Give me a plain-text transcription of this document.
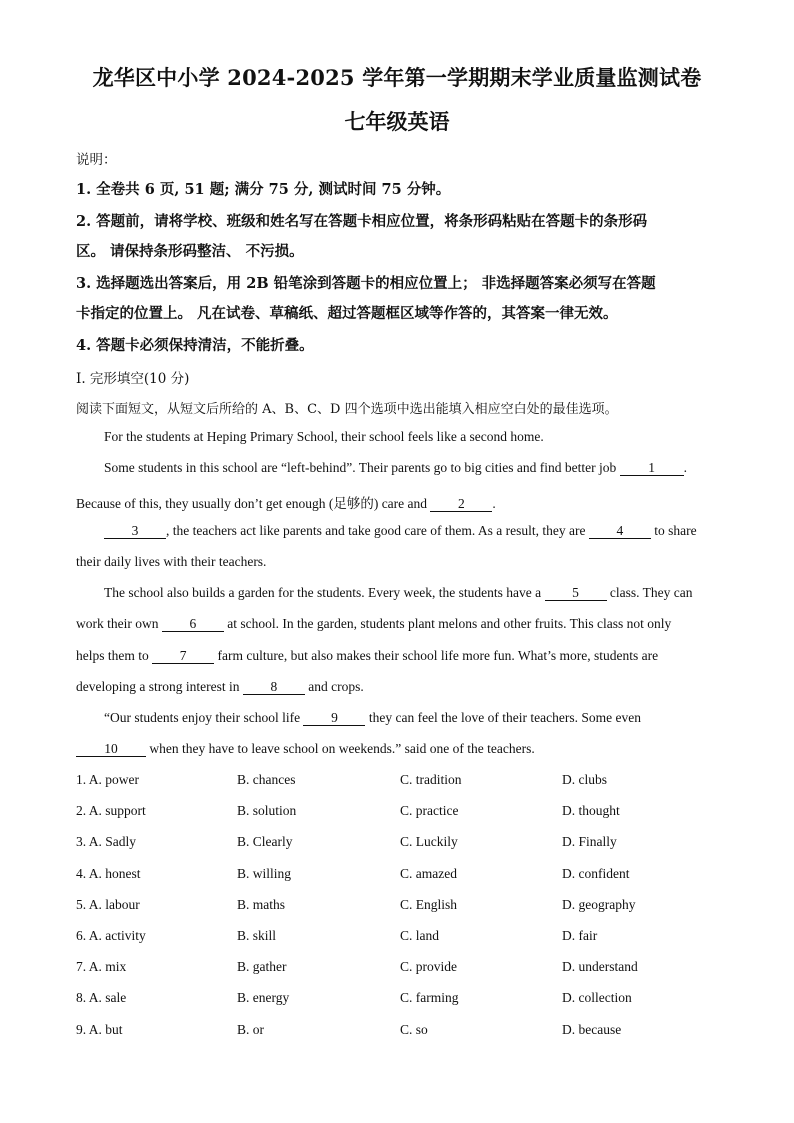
龙华区中小学 2024-2025 学年第一学期期末学业质量监测试卷
七年级英语
说明：
1. 全卷共 6 页, 51 题; 满分 75 分, 测试时间 75 分钟。
2. 答题前，请将学校、班级和姓名写在答题卡相应位置，将条形码粘贴在答题卡的条形码
区。 请保持条形码整洁、 不污损。
3. 选择题选出答案后，用 2B 铅笔涂到答题卡的相应位置上； 非选择题答案必须写在答题
卡指定的位置上。 凡在试卷、草稿纸、超过答题框区域等作答的，其答案一律无效。
4. 答题卡必须保持清洁，不能折叠。
I. 完形填空(10 分)
阅读下面短文，从短文后所给的 A、B、C、D 四个选项中选出能填入相应空白处的最佳选项。
For the students at Heping Primary School, their school feels like a second home.
Some students in this school are “left-behind”. Their parents go to big cities and find better job 1 .
Because of this, they usually don’t get enough (足够的) care and 2 .
3 , the teachers act like parents and take good care of them. As a result, they are 4 to share
their daily lives with their teachers.
The school also builds a garden for the students. Every week, the students have a 5 class. They can
work their own 6 at school. In the garden, students plant melons and other fruits. This class not only
helps them to 7 farm culture, but also makes their school life more fun. What’s more, students are
developing a strong interest in 8 and crops.
“Our students enjoy their school life 9 they can feel the love of their teachers. Some even
10 when they have to leave school on weekends.” said one of the teachers.
1. A. power	B. chances	C. tradition	D. clubs
2. A. support	B. solution	C. practice	D. thought
3. A. Sadly	B. Clearly	C. Luckily	D. Finally
4. A. honest	B. willing	C. amazed	D. confident
5. A. labour	B. maths	C. English	D. geography
6. A. activity	B. skill	C. land	D. fair
7. A. mix	B. gather	C. provide	D. understand
8. A. sale	B. energy	C. farming	D. collection
9. A. but	B. or	C. so	D. because
